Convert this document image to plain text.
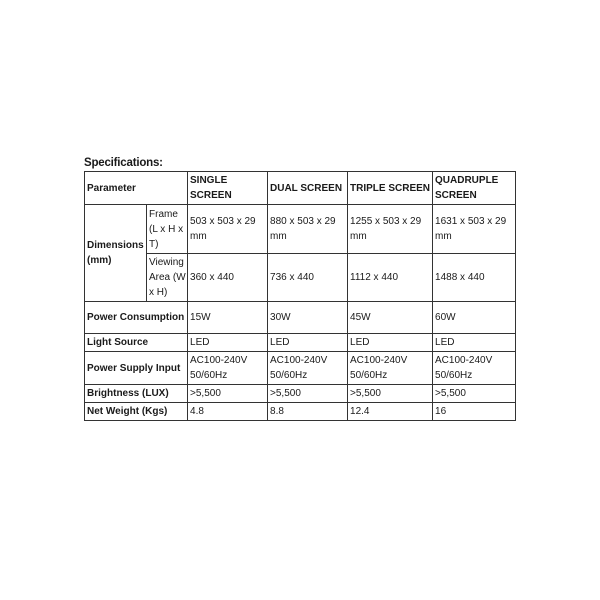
Specifications:
Parameter		SINGLE SCREEN	DUAL SCREEN	TRIPLE SCREEN	QUADRUPLE SCREEN
Dimensions (mm)	Frame (L x H x T)	503 x 503 x 29 mm	880 x 503 x 29 mm	1255 x 503 x 29 mm	1631 x 503 x 29 mm
	Viewing Area (W x H)	360 x 440	736 x 440	1112 x 440	1488 x 440
Power Consumption		15W	30W	45W	60W
Light Source		LED	LED	LED	LED
Power Supply Input		AC100-240V 50/60Hz	AC100-240V 50/60Hz	AC100-240V 50/60Hz	AC100-240V 50/60Hz
Brightness (LUX)		>5,500	>5,500	>5,500	>5,500
Net Weight (Kgs)		4.8	8.8	12.4	16
